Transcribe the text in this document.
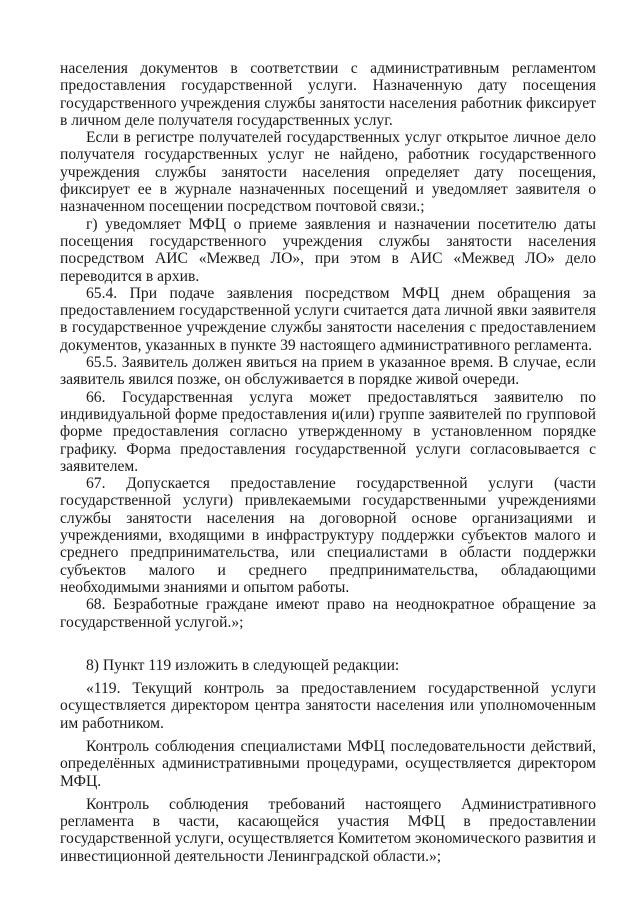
населения документов в соответствии с административным регламентом предоставления государственной услуги. Назначенную дату посещения государственного учреждения службы занятости населения работник фиксирует в личном деле получателя государственных услуг.

Если в регистре получателей государственных услуг открытое личное дело получателя государственных услуг не найдено, работник государственного учреждения службы занятости населения определяет дату посещения, фиксирует ее в журнале назначенных посещений и уведомляет заявителя о назначенном посещении посредством почтовой связи.;

г) уведомляет МФЦ о приеме заявления и назначении посетителю даты посещения государственного учреждения службы занятости населения посредством АИС «Межвед ЛО», при этом в АИС «Межвед ЛО» дело переводится в архив.

65.4. При подаче заявления посредством МФЦ днем обращения за предоставлением государственной услуги считается дата личной явки заявителя в государственное учреждение службы занятости населения с предоставлением документов, указанных в пункте 39 настоящего административного регламента.

65.5. Заявитель должен явиться на прием в указанное время. В случае, если заявитель явился позже, он обслуживается в порядке живой очереди.

66. Государственная услуга может предоставляться заявителю по индивидуальной форме предоставления и(или) группе заявителей по групповой форме предоставления согласно утвержденному в установленном порядке графику. Форма предоставления государственной услуги согласовывается с заявителем.

67. Допускается предоставление государственной услуги (части государственной услуги) привлекаемыми государственными учреждениями службы занятости населения на договорной основе организациями и учреждениями, входящими в инфраструктуру поддержки субъектов малого и среднего предпринимательства, или специалистами в области поддержки субъектов малого и среднего предпринимательства, обладающими необходимыми знаниями и опытом работы.

68. Безработные граждане имеют право на неоднократное обращение за государственной услугой.»;

8) Пункт 119 изложить в следующей редакции:

«119. Текущий контроль за предоставлением государственной услуги осуществляется директором центра занятости населения или уполномоченным им работником.

Контроль соблюдения специалистами МФЦ последовательности действий, определённых административными процедурами, осуществляется директором МФЦ.

Контроль соблюдения требований настоящего Административного регламента в части, касающейся участия МФЦ в предоставлении государственной услуги, осуществляется Комитетом экономического развития и инвестиционной деятельности Ленинградской области.»;
